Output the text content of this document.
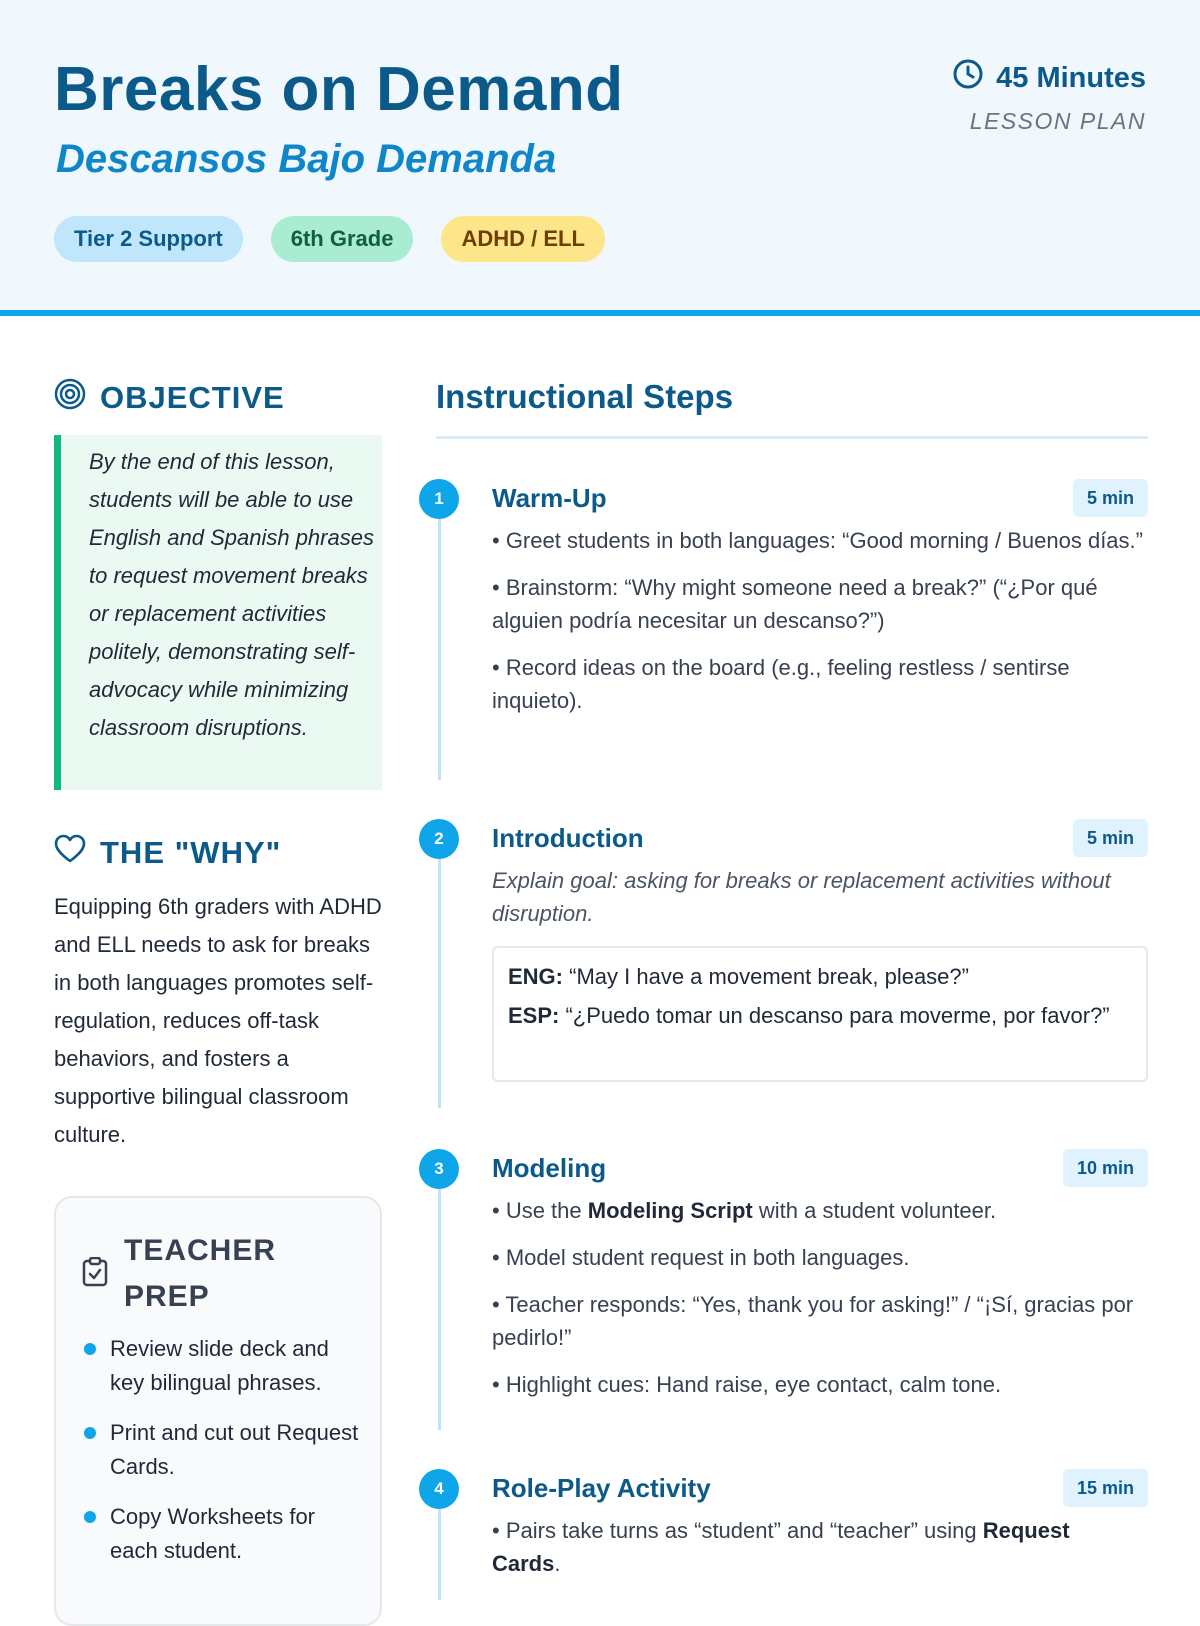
Breaks on Demand
Descansos Bajo Demanda
Tier 2 Support	6th Grade	ADHD / ELL
45 Minutes
LESSON PLAN
OBJECTIVE
By the end of this lesson, students will be able to use English and Spanish phrases to request movement breaks or replacement activities politely, demonstrating self-advocacy while minimizing classroom disruptions.
THE "WHY"
Equipping 6th graders with ADHD and ELL needs to ask for breaks in both languages promotes self-regulation, reduces off-task behaviors, and fosters a supportive bilingual classroom culture.
TEACHER PREP
Review slide deck and key bilingual phrases.
Print and cut out Request Cards.
Copy Worksheets for each student.
Instructional Steps
1	Warm-Up	5 min

• Greet students in both languages: “Good morning / Buenos días.”

• Brainstorm: “Why might someone need a break?” (“¿Por qué alguien podría necesitar un descanso?”)

• Record ideas on the board (e.g., feeling restless / sentirse inquieto).

2	Introduction	5 min

Explain goal: asking for breaks or replacement activities without disruption.

ENG: “May I have a movement break, please?”

ESP: “¿Puedo tomar un descanso para moverme, por favor?”

3	Modeling	10 min

• Use the Modeling Script with a student volunteer.

• Model student request in both languages.

• Teacher responds: “Yes, thank you for asking!” / “¡Sí, gracias por pedirlo!”

• Highlight cues: Hand raise, eye contact, calm tone.

4	Role-Play Activity	15 min

• Pairs take turns as “student” and “teacher” using Request Cards.
